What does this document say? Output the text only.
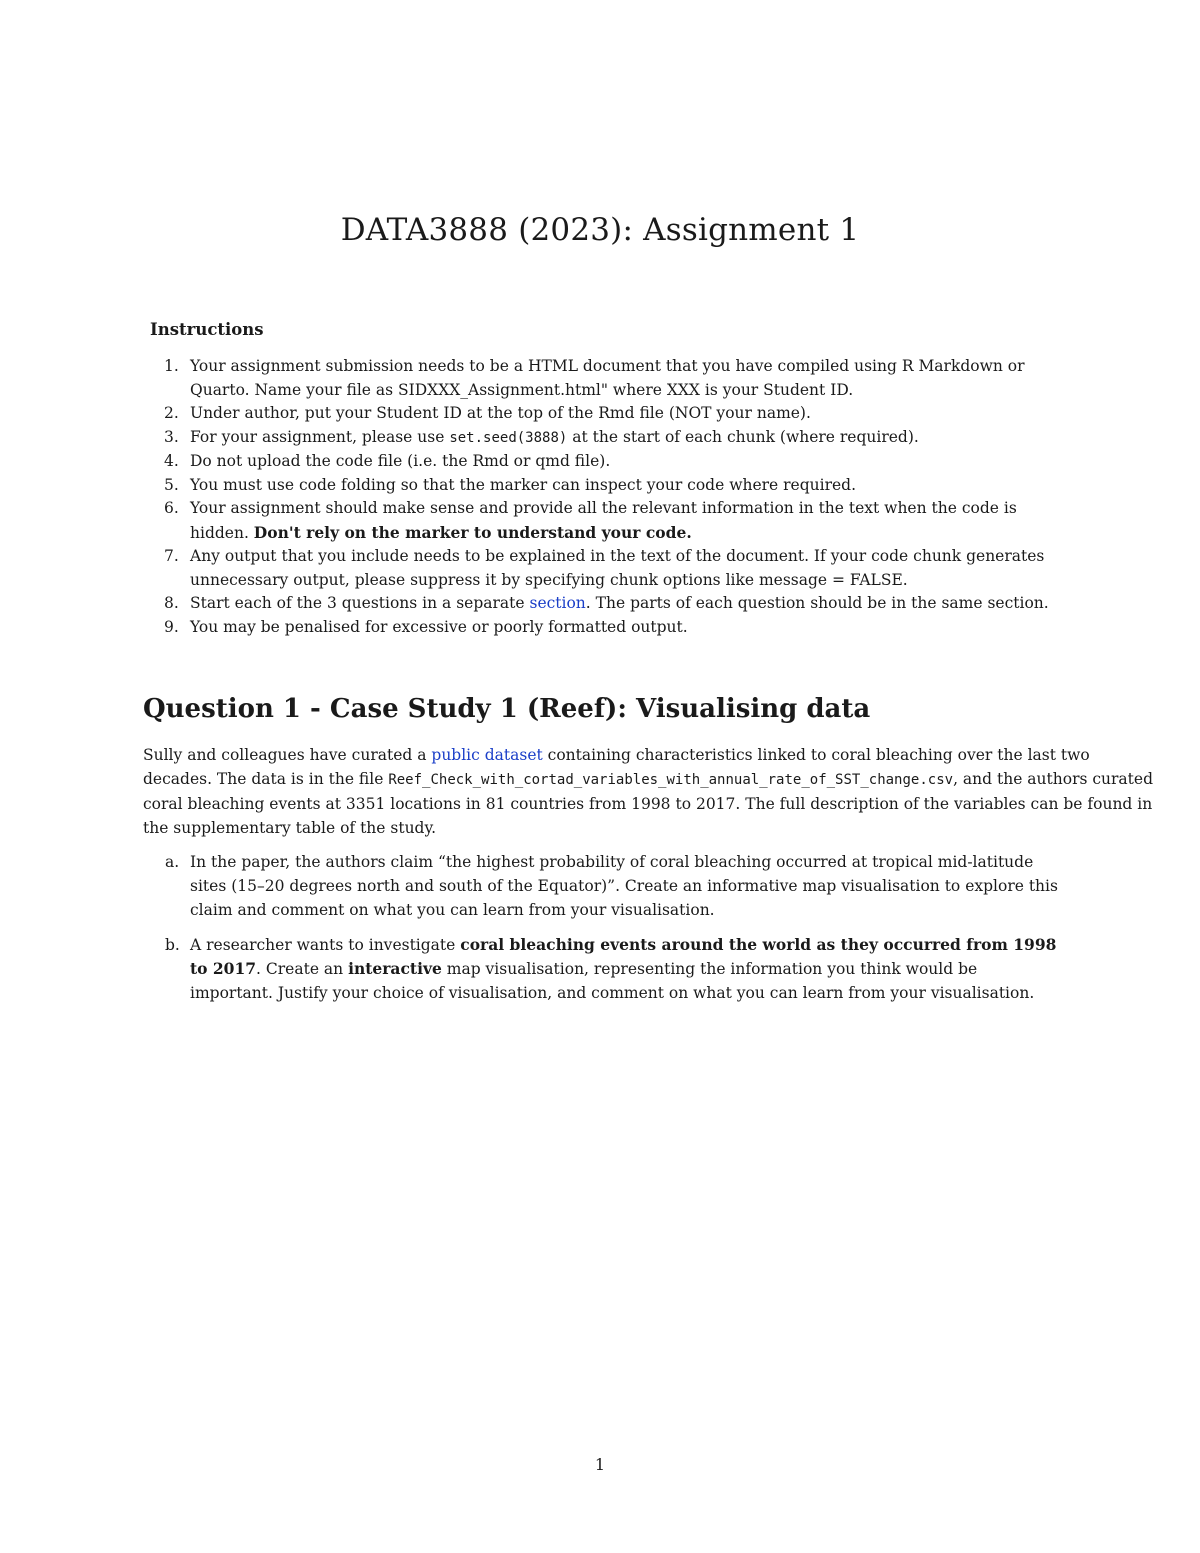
DATA3888 (2023): Assignment 1
Instructions
1. Your assignment submission needs to be a HTML document that you have compiled using R Markdown or Quarto. Name your file as SIDXXX_Assignment.html" where XXX is your Student ID.
2. Under author, put your Student ID at the top of the Rmd file (NOT your name).
3. For your assignment, please use set.seed(3888) at the start of each chunk (where required).
4. Do not upload the code file (i.e. the Rmd or qmd file).
5. You must use code folding so that the marker can inspect your code where required.
6. Your assignment should make sense and provide all the relevant information in the text when the code is hidden. Don't rely on the marker to understand your code.
7. Any output that you include needs to be explained in the text of the document. If your code chunk generates unnecessary output, please suppress it by specifying chunk options like message = FALSE.
8. Start each of the 3 questions in a separate section. The parts of each question should be in the same section.
9. You may be penalised for excessive or poorly formatted output.
Question 1 - Case Study 1 (Reef): Visualising data

Sully and colleagues have curated a public dataset containing characteristics linked to coral bleaching over the last two decades. The data is in the file Reef_Check_with_cortad_variables_with_annual_rate_of_SST_change.csv, and the authors curated coral bleaching events at 3351 locations in 81 countries from 1998 to 2017. The full description of the variables can be found in the supplementary table of the study.

a. In the paper, the authors claim “the highest probability of coral bleaching occurred at tropical mid-latitude sites (15–20 degrees north and south of the Equator)”. Create an informative map visualisation to explore this claim and comment on what you can learn from your visualisation.
b. A researcher wants to investigate coral bleaching events around the world as they occurred from 1998 to 2017. Create an interactive map visualisation, representing the information you think would be important. Justify your choice of visualisation, and comment on what you can learn from your visualisation.
1
